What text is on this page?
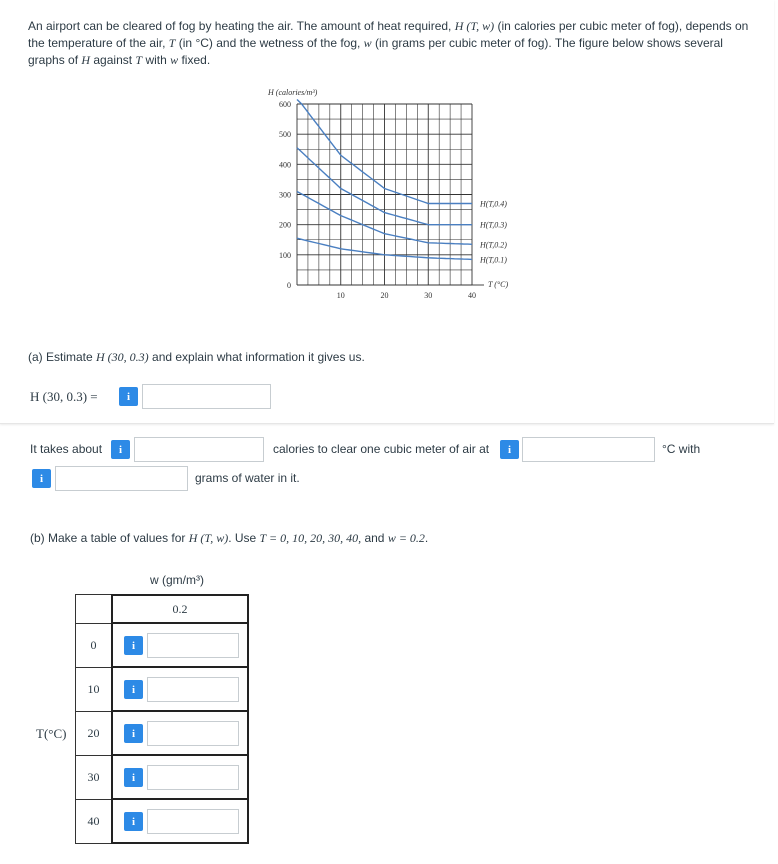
An airport can be cleared of fog by heating the air. The amount of heat required, H (T, w) (in calories per cubic meter of fog), depends on the temperature of the air, T (in °C) and the wetness of the fog, w (in grams per cubic meter of fog). The figure below shows several graphs of H against T with w fixed.
0
100
200
300
400
500
600
10	20	30	40
H (calories/m³)
T (°C)
H(T,0.4)
H(T,0.3)
H(T,0.2)
H(T,0.1)
(a) Estimate H (30, 0.3) and explain what information it gives us.
H (30, 0.3) =	i
It takes about	i	calories to clear one cubic meter of air at	i	°C with
i	grams of water in it.
(b) Make a table of values for H (T, w). Use T = 0, 10, 20, 30, 40, and w = 0.2.
w (gm/m³)
T(°C)
0.2
0	i
10	i
20	i
30	i
40	i
